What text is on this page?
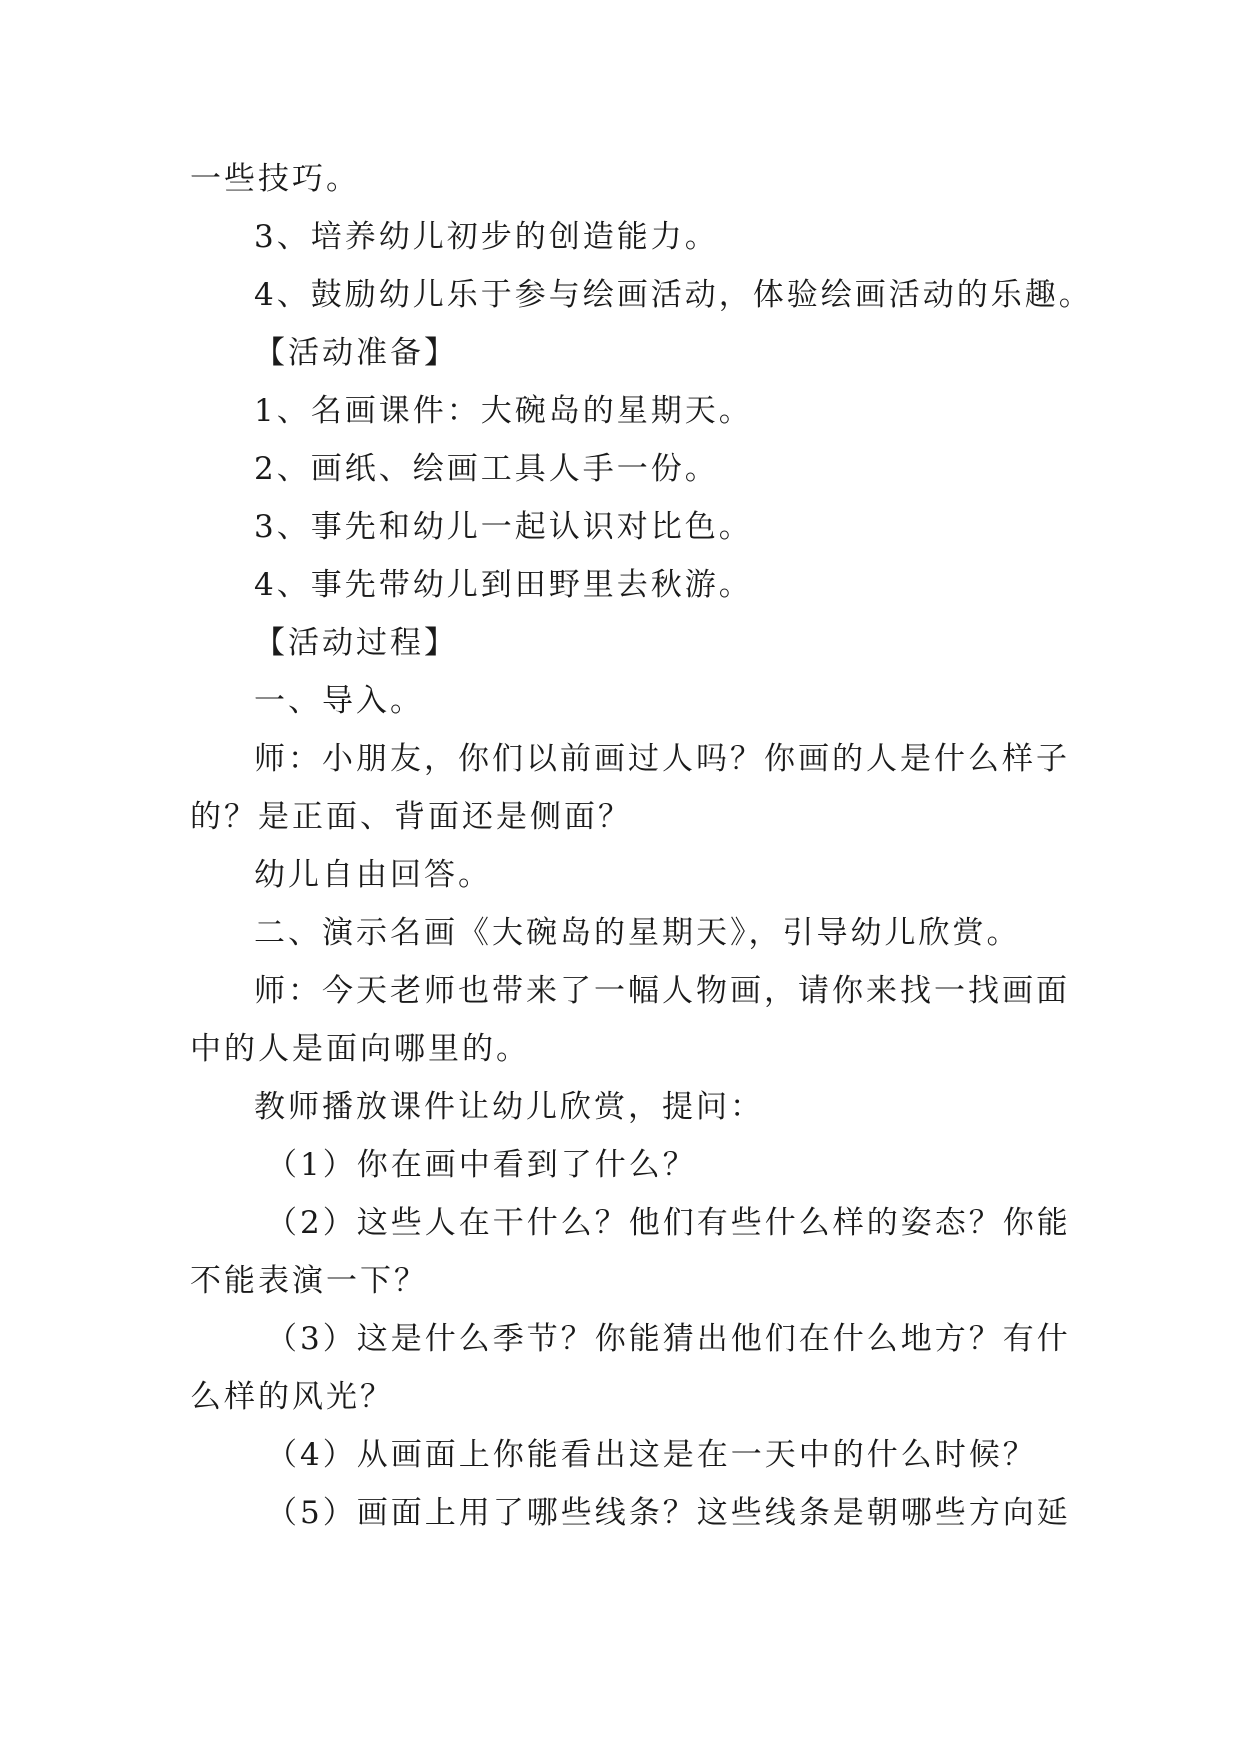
一些技巧。

3、培养幼儿初步的创造能力。

4、鼓励幼儿乐于参与绘画活动，体验绘画活动的乐趣。

【活动准备】

1、名画课件：大碗岛的星期天。

2、画纸、绘画工具人手一份。

3、事先和幼儿一起认识对比色。

4、事先带幼儿到田野里去秋游。

【活动过程】

一、导入。

师：小朋友，你们以前画过人吗？你画的人是什么样子

的？是正面、背面还是侧面？

幼儿自由回答。

二、演示名画《大碗岛的星期天》，引导幼儿欣赏。

师：今天老师也带来了一幅人物画，请你来找一找画面

中的人是面向哪里的。

教师播放课件让幼儿欣赏，提问：

（1）你在画中看到了什么？

（2）这些人在干什么？他们有些什么样的姿态？你能

不能表演一下？

（3）这是什么季节？你能猜出他们在什么地方？有什

么样的风光？

（4）从画面上你能看出这是在一天中的什么时候？

（5）画面上用了哪些线条？这些线条是朝哪些方向延
